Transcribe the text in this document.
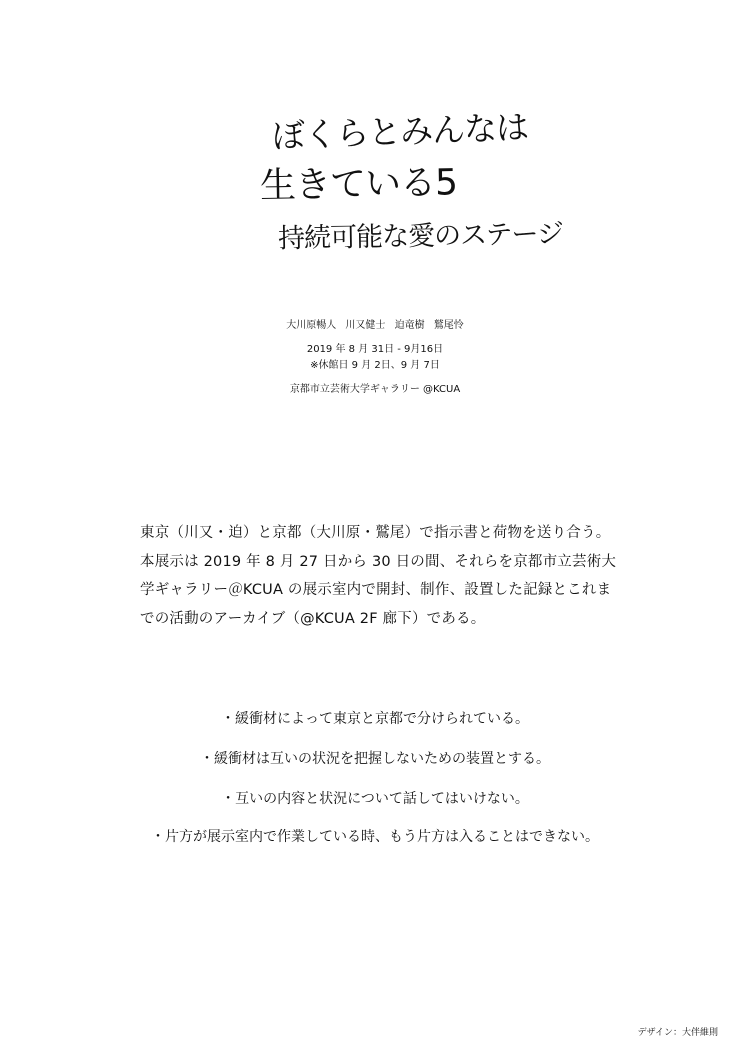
ぼくらとみんなは
生きている5
持続可能な愛のステージ
大川原暢人 川又健士 迫竜樹 鷲尾怜
2019 年 8 月 31日 - 9月16日
※休館日 9 月 2日、9 月 7日
京都市立芸術大学ギャラリー @KCUA
東京（川又・迫）と京都（大川原・鷲尾）で指示書と荷物を送り合う。本展示は 2019 年 8 月 27 日から 30 日の間、それらを京都市立芸術大学ギャラリー＠KCUA の展示室内で開封、制作、設置した記録とこれまでの活動のアーカイブ（@KCUA 2F 廊下）である。
・緩衝材によって東京と京都で分けられている。
・緩衝材は互いの状況を把握しないための装置とする。
・互いの内容と状況について話してはいけない。
・片方が展示室内で作業している時、もう片方は入ることはできない。
デザイン：大伴維則
